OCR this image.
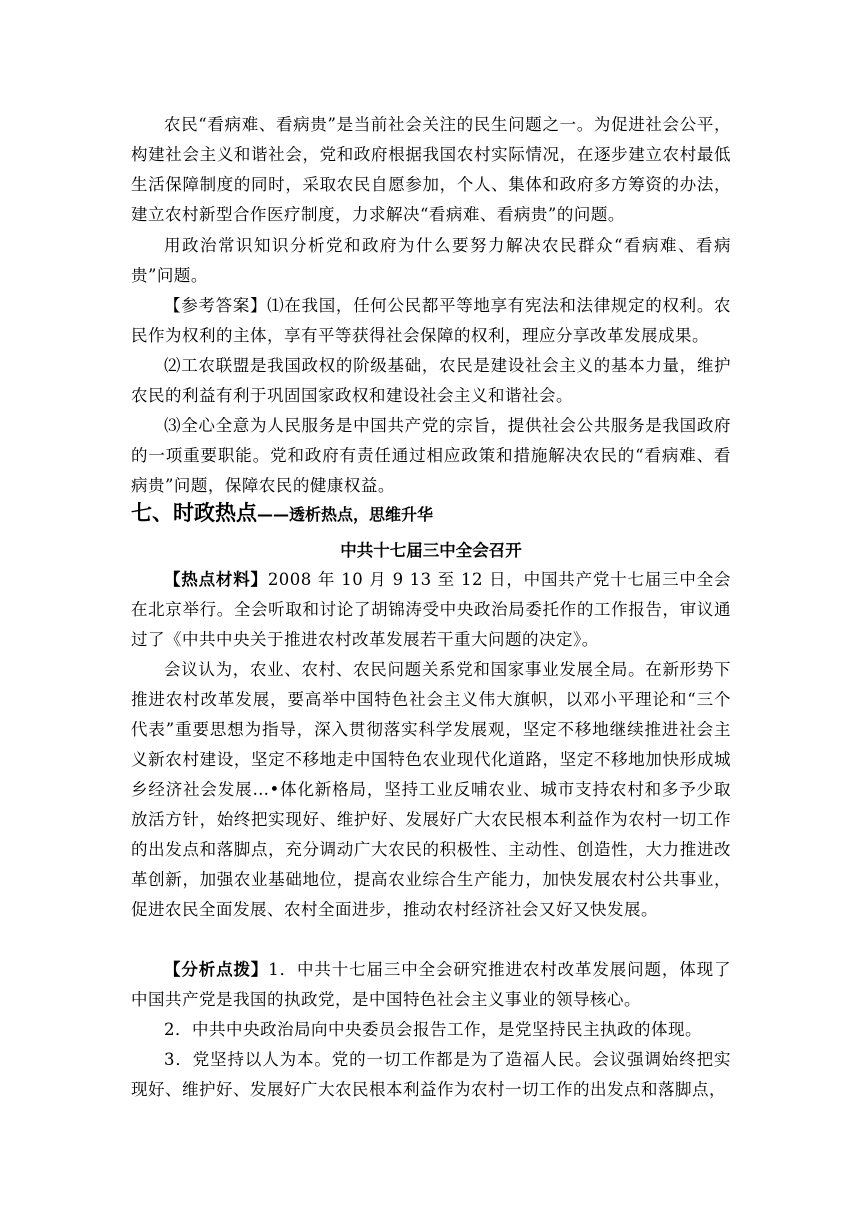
农民“看病难、看病贵”是当前社会关注的民生问题之一。为促进社会公平，构建社会主义和谐社会，党和政府根据我国农村实际情况，在逐步建立农村最低生活保障制度的同时，采取农民自愿参加，个人、集体和政府多方筹资的办法，建立农村新型合作医疗制度，力求解决“看病难、看病贵”的问题。

用政治常识知识分析党和政府为什么要努力解决农民群众“看病难、看病贵”问题。

【参考答案】⑴在我国，任何公民都平等地享有宪法和法律规定的权利。农民作为权利的主体，享有平等获得社会保障的权利，理应分享改革发展成果。

⑵工农联盟是我国政权的阶级基础，农民是建设社会主义的基本力量，维护农民的利益有利于巩固国家政权和建设社会主义和谐社会。

⑶全心全意为人民服务是中国共产党的宗旨，提供社会公共服务是我国政府的一项重要职能。党和政府有责任通过相应政策和措施解决农民的“看病难、看病贵”问题，保障农民的健康权益。

七、时政热点——透析热点，思维升华
中共十七届三中全会召开

【热点材料】2008 年 10 月 9 13 至 12 日，中国共产党十七届三中全会在北京举行。全会听取和讨论了胡锦涛受中央政治局委托作的工作报告，审议通过了《中共中央关于推进农村改革发展若干重大问题的决定》。

会议认为，农业、农村、农民问题关系党和国家事业发展全局。在新形势下推进农村改革发展，要高举中国特色社会主义伟大旗帜，以邓小平理论和“三个代表”重要思想为指导，深入贯彻落实科学发展观，坚定不移地继续推进社会主义新农村建设，坚定不移地走中国特色农业现代化道路，坚定不移地加快形成城乡经济社会发展…•体化新格局，坚持工业反哺农业、城市支持农村和多予少取放活方针，始终把实现好、维护好、发展好广大农民根本利益作为农村一切工作的出发点和落脚点，充分调动广大农民的积极性、主动性、创造性，大力推进改革创新，加强农业基础地位，提高农业综合生产能力，加快发展农村公共事业，促进农民全面发展、农村全面进步，推动农村经济社会又好又快发展。

【分析点拨】1．中共十七届三中全会研究推进农村改革发展问题，体现了中国共产党是我国的执政党，是中国特色社会主义事业的领导核心。

2．中共中央政治局向中央委员会报告工作，是党坚持民主执政的体现。

3．党坚持以人为本。党的一切工作都是为了造福人民。会议强调始终把实现好、维护好、发展好广大农民根本利益作为农村一切工作的出发点和落脚点，
